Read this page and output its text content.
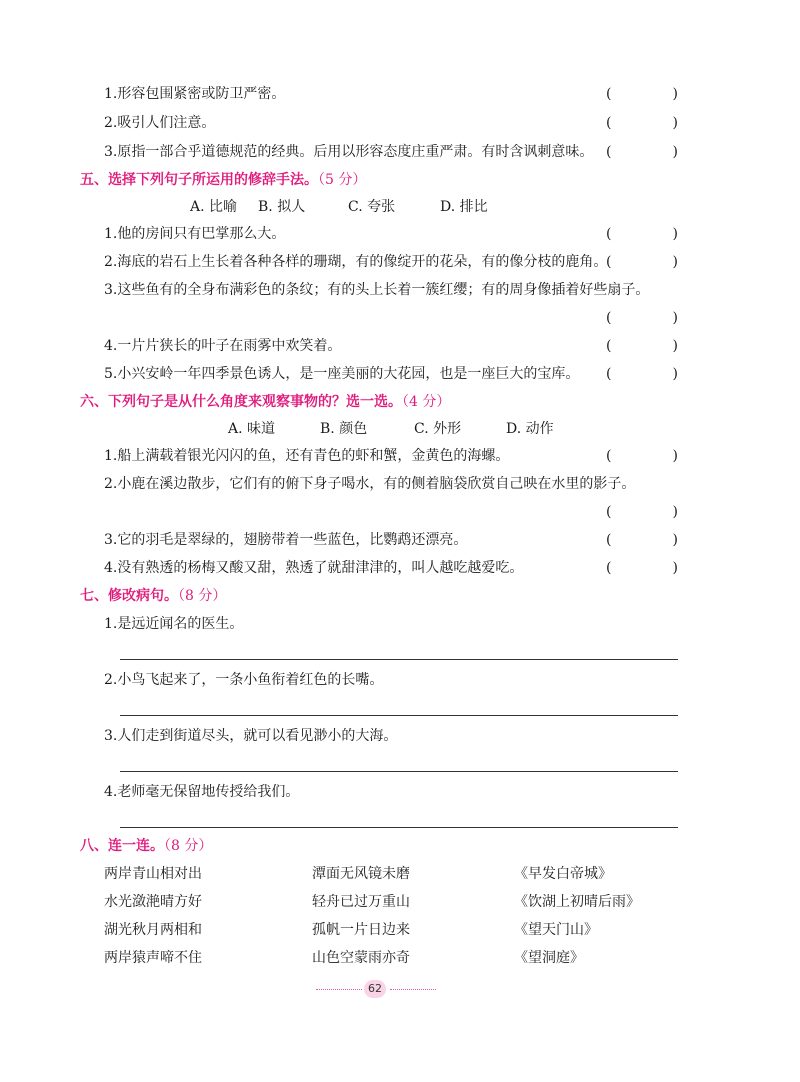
1.形容包围紧密或防卫严密。	(	)
2.吸引人们注意。	(	)
3.原指一部合乎道德规范的经典。后用以形容态度庄重严肃。有时含讽刺意味。 (	)
五、选择下列句子所运用的修辞手法。（5 分）
A. 比喻 B. 拟人	C. 夸张	D. 排比
1.他的房间只有巴掌那么大。	(	)
2.海底的岩石上生长着各种各样的珊瑚，有的像绽开的花朵，有的像分枝的鹿角。
(	)
3.这些鱼有的全身布满彩色的条纹；有的头上长着一簇红缨；有的周身像插着好些扇子。
(	)
4.一片片狭长的叶子在雨雾中欢笑着。	(	)
5.小兴安岭一年四季景色诱人，是一座美丽的大花园，也是一座巨大的宝库。 (	)
六、下列句子是从什么角度来观察事物的？选一选。（4 分）
A. 味道	B. 颜色	C. 外形	D. 动作
1.船上满载着银光闪闪的鱼，还有青色的虾和蟹，金黄色的海螺。	(	)
2.小鹿在溪边散步，它们有的俯下身子喝水，有的侧着脑袋欣赏自己映在水里的影子。
(	)
3.它的羽毛是翠绿的，翅膀带着一些蓝色，比鹦鹉还漂亮。	(	)
4.没有熟透的杨梅又酸又甜，熟透了就甜津津的，叫人越吃越爱吃。	(	)
七、修改病句。（8 分）
1.是远近闻名的医生。
2.小鸟飞起来了，一条小鱼衔着红色的长嘴。
3.人们走到街道尽头，就可以看见渺小的大海。
4.老师毫无保留地传授给我们。
八、连一连。（8 分）
两岸青山相对出	潭面无风镜未磨	《早发白帝城》
水光潋滟晴方好	轻舟已过万重山	《饮湖上初晴后雨》
湖光秋月两相和	孤帆一片日边来	《望天门山》
两岸猿声啼不住	山色空蒙雨亦奇	《望洞庭》
62
